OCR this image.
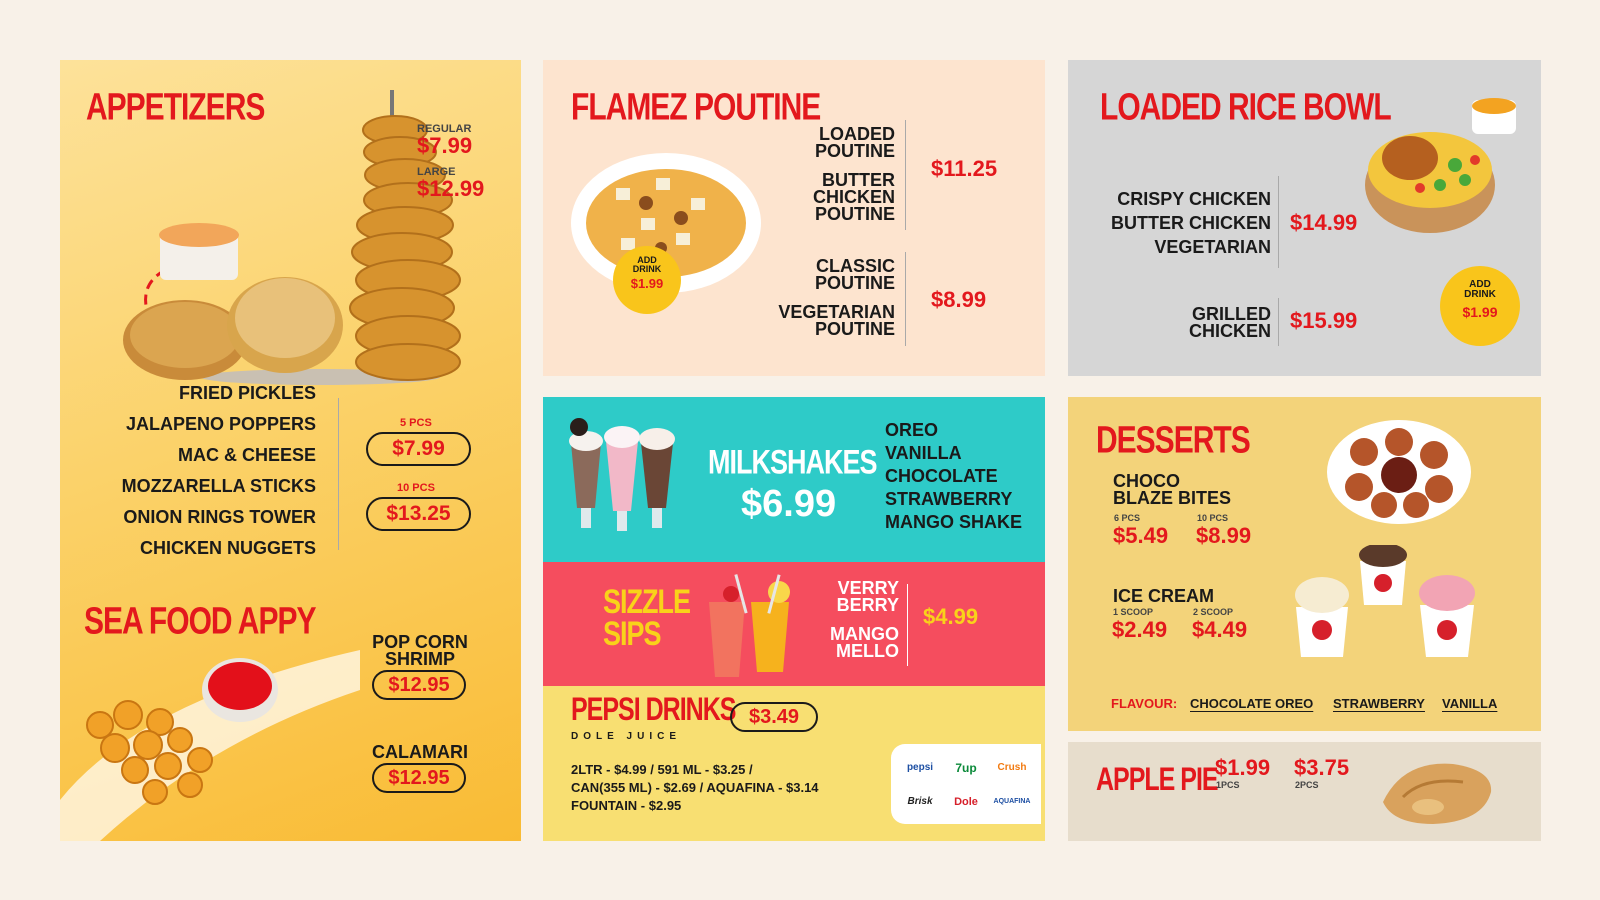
APPETIZERS
REGULAR
$7.99
LARGE
$12.99
FRIED PICKLES
JALAPENO POPPERS
MAC & CHEESE
MOZZARELLA STICKS
ONION RINGS TOWER
CHICKEN NUGGETS
5 PCS
$7.99
10 PCS
$13.25
SEA FOOD APPY	POP CORN SHRIMP
$12.95
CALAMARI
$12.95
FLAMEZ POUTINE
ADD DRINK
$1.99
LOADED POUTINE
BUTTER CHICKEN POUTINE
$11.25
CLASSIC POUTINE
VEGETARIAN POUTINE
$8.99
LOADED RICE BOWL
CRISPY CHICKEN
BUTTER CHICKEN
VEGETARIAN
$14.99
GRILLED CHICKEN $15.99
ADD DRINK
$1.99
MILKSHAKES
$6.99
OREO
VANILLA
CHOCOLATE
STRAWBERRY
MANGO SHAKE
SIZZLE
SIPS
VERRY BERRY
MANGO MELLO
$4.99
PEPSI DRINKS $3.49
DOLE JUICE
2LTR - $4.99 / 591 ML - $3.25 /
CAN(355 ML) - $2.69 / AQUAFINA - $3.14
FOUNTAIN - $2.95
pepsi 7up Crush
Brisk Dole AQUAFINA
DESSERTS
CHOCO BLAZE BITES
6 PCS
$5.49
10 PCS
$8.99
ICE CREAM
1 SCOOP
$2.49
2 SCOOP
$4.49
FLAVOUR: CHOCOLATE OREO STRAWBERRY VANILLA
APPLE PIE
$1.99
1PCS
$3.75
2PCS
